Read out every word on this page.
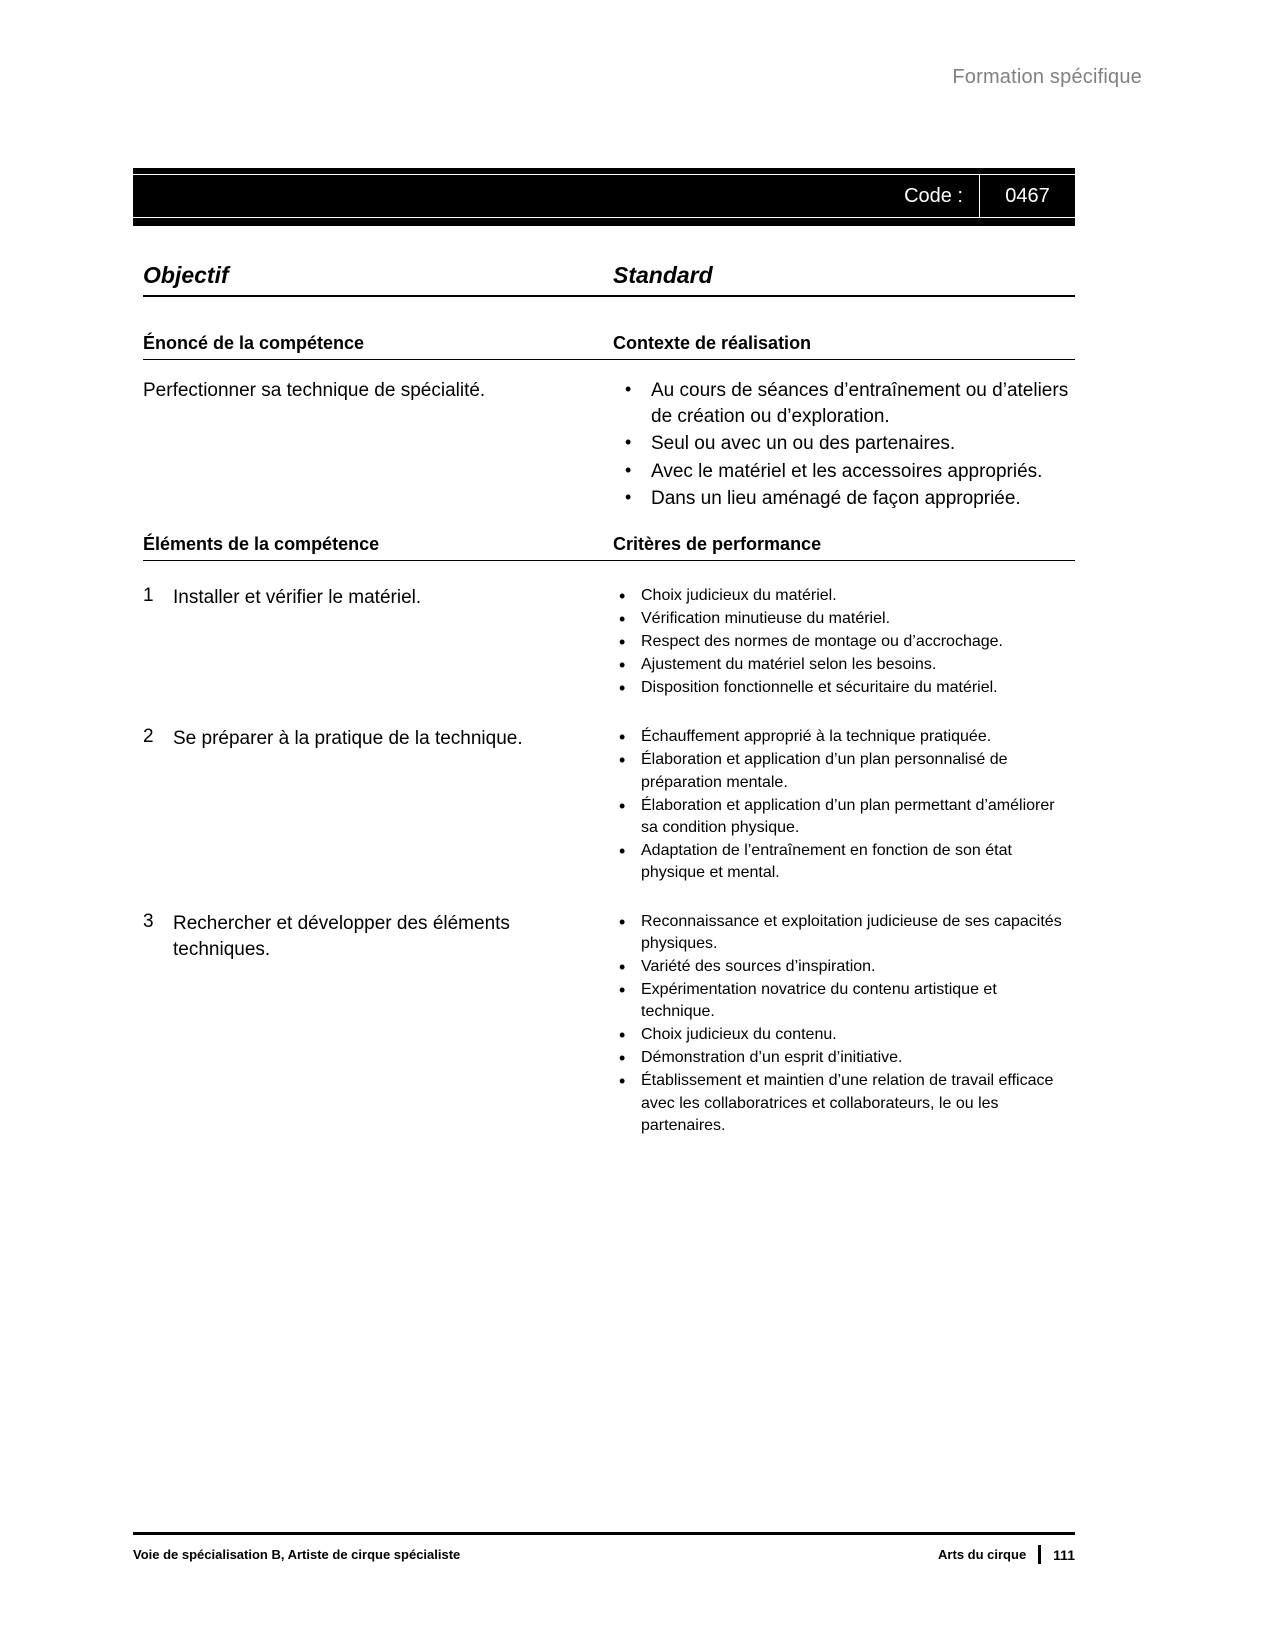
Formation spécifique
Code :	0467
Objectif	Standard
Énoncé de la compétence	Contexte de réalisation
Perfectionner sa technique de spécialité.	• Au cours de séances d’entraînement ou d’ateliers de création ou d’exploration.
• Seul ou avec un ou des partenaires.
• Avec le matériel et les accessoires appropriés.
• Dans un lieu aménagé de façon appropriée.
Éléments de la compétence	Critères de performance
1	Installer et vérifier le matériel.	• Choix judicieux du matériel.
• Vérification minutieuse du matériel.
• Respect des normes de montage ou d’accrochage.
• Ajustement du matériel selon les besoins.
• Disposition fonctionnelle et sécuritaire du matériel.
2	Se préparer à la pratique de la technique.	• Échauffement approprié à la technique pratiquée.
• Élaboration et application d’un plan personnalisé de préparation mentale.
• Élaboration et application d’un plan permettant d’améliorer sa condition physique.
• Adaptation de l’entraînement en fonction de son état physique et mental.
3	Rechercher et développer des éléments techniques.
• Reconnaissance et exploitation judicieuse de ses capacités physiques.
• Variété des sources d’inspiration.
• Expérimentation novatrice du contenu artistique et technique.
• Choix judicieux du contenu.
• Démonstration d’un esprit d’initiative.
• Établissement et maintien d’une relation de travail efficace avec les collaboratrices et collaborateurs, le ou les partenaires.
Voie de spécialisation B, Artiste de cirque spécialiste	Arts du cirque 111
